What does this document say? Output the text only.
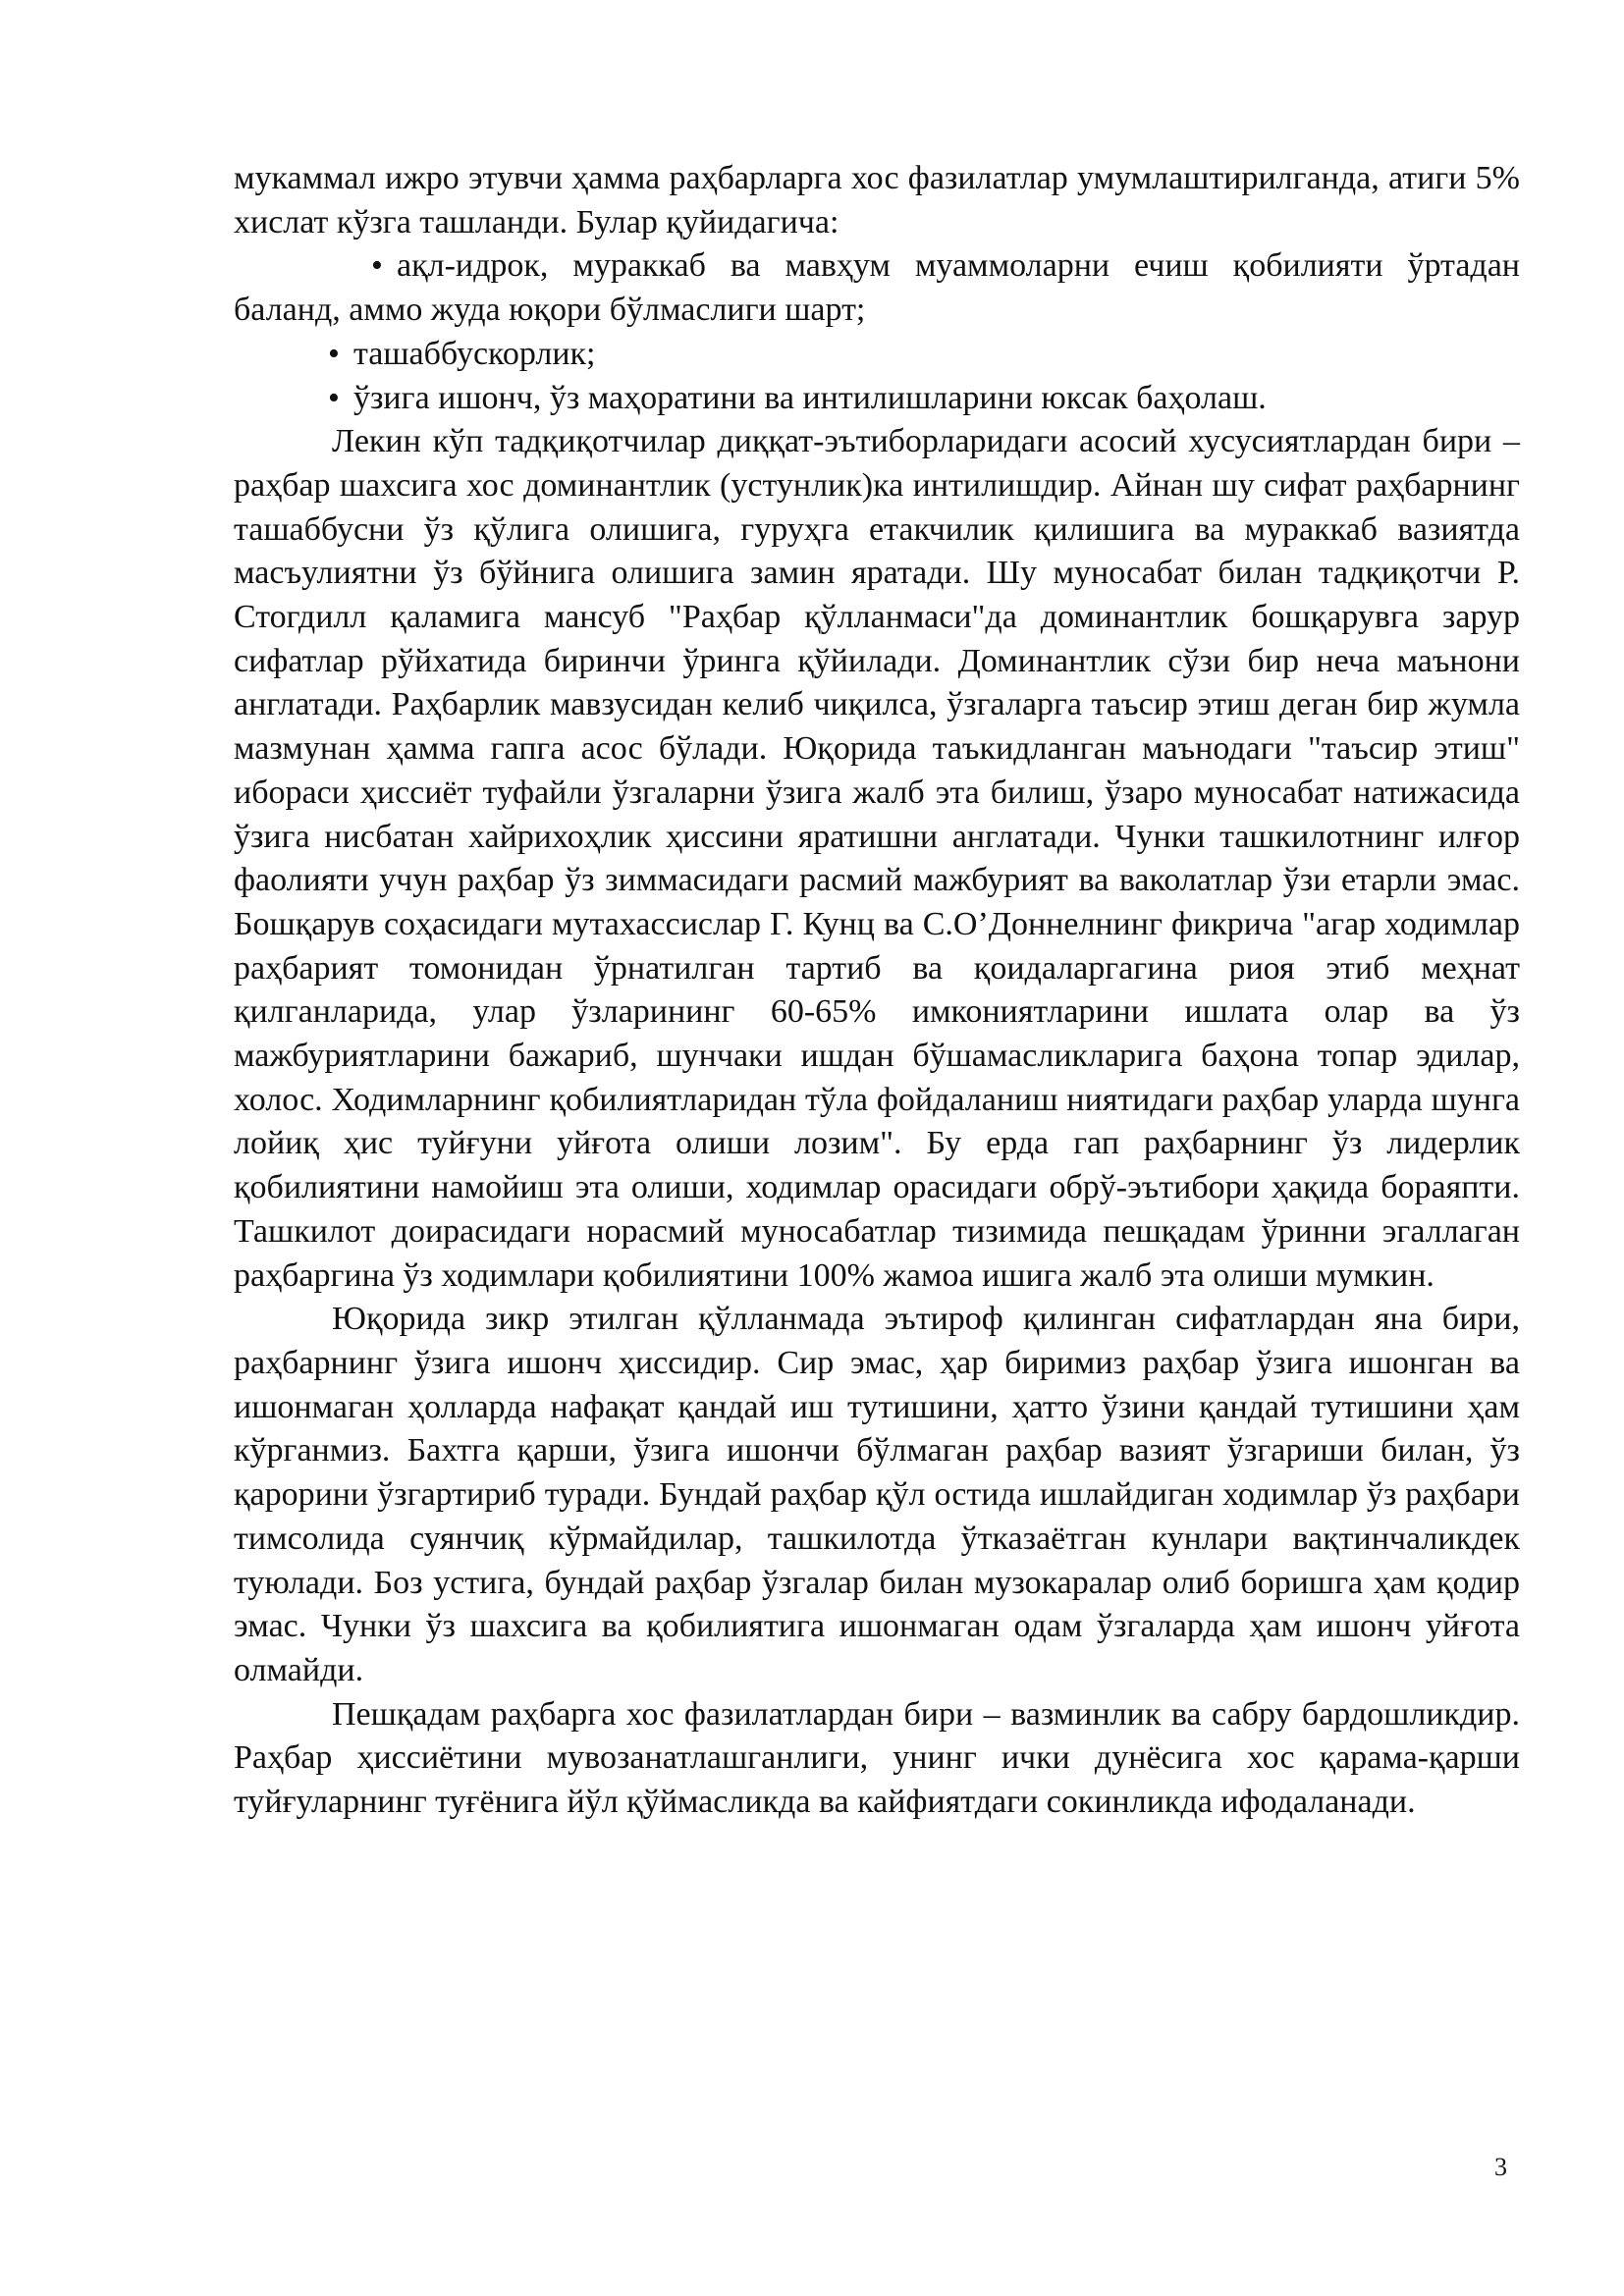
мукаммал ижро этувчи ҳамма раҳбарларга хос фазилатлар умумлаштирилганда, атиги 5% хислат кўзга ташланди. Булар қуйидагича:

• ақл-идрок, мураккаб ва мавҳум муаммоларни ечиш қобилияти ўртадан баланд, аммо жуда юқори бўлмаслиги шарт;

• ташаббускорлик;

• ўзига ишонч, ўз маҳоратини ва интилишларини юксак баҳолаш.

Лекин кўп тадқиқотчилар диққат-эътиборларидаги асосий хусусиятлардан бири – раҳбар шахсига хос доминантлик (устунлик)ка интилишдир. Айнан шу сифат раҳбарнинг ташаббусни ўз қўлига олишига, гуруҳга етакчилик қилишига ва мураккаб вазиятда масъулиятни ўз бўйнига олишига замин яратади. Шу муносабат билан тадқиқотчи Р. Стогдилл қаламига мансуб "Раҳбар қўлланмаси"да доминантлик бошқарувга зарур сифатлар рўйхатида биринчи ўринга қўйилади. Доминантлик сўзи бир неча маънони англатади. Раҳбарлик мавзусидан келиб чиқилса, ўзгаларга таъсир этиш деган бир жумла мазмунан ҳамма гапга асос бўлади. Юқорида таъкидланган маънодаги "таъсир этиш" ибораси ҳиссиёт туфайли ўзгаларни ўзига жалб эта билиш, ўзаро муносабат натижасида ўзига нисбатан хайрихоҳлик ҳиссини яратишни англатади. Чунки ташкилотнинг илғор фаолияти учун раҳбар ўз зиммасидаги расмий мажбурият ва ваколатлар ўзи етарли эмас. Бошқарув соҳасидаги мутахассислар Г. Кунц ва С.О’Доннелнинг фикрича "агар ходимлар раҳбарият томонидан ўрнатилган тартиб ва қоидаларгагина риоя этиб меҳнат қилганларида, улар ўзларининг 60-65% имкониятларини ишлата олар ва ўз мажбуриятларини бажариб, шунчаки ишдан бўшамасликларига баҳона топар эдилар, холос. Ходимларнинг қобилиятларидан тўла фойдаланиш ниятидаги раҳбар уларда шунга лойиқ ҳис туйғуни уйғота олиши лозим". Бу ерда гап раҳбарнинг ўз лидерлик қобилиятини намойиш эта олиши, ходимлар орасидаги обрў-эътибори ҳақида бораяпти. Ташкилот доирасидаги норасмий муносабатлар тизимида пешқадам ўринни эгаллаган раҳбаргина ўз ходимлари қобилиятини 100% жамоа ишига жалб эта олиши мумкин.

Юқорида зикр этилган қўлланмада эътироф қилинган сифатлардан яна бири, раҳбарнинг ўзига ишонч ҳиссидир. Сир эмас, ҳар биримиз раҳбар ўзига ишонган ва ишонмаган ҳолларда нафақат қандай иш тутишини, ҳатто ўзини қандай тутишини ҳам кўрганмиз. Бахтга қарши, ўзига ишончи бўлмаган раҳбар вазият ўзгариши билан, ўз қарорини ўзгартириб туради. Бундай раҳбар қўл остида ишлайдиган ходимлар ўз раҳбари тимсолида суянчиқ кўрмайдилар, ташкилотда ўтказаётган кунлари вақтинчаликдек туюлади. Боз устига, бундай раҳбар ўзгалар билан музокаралар олиб боришга ҳам қодир эмас. Чунки ўз шахсига ва қобилиятига ишонмаган одам ўзгаларда ҳам ишонч уйғота олмайди.

Пешқадам раҳбарга хос фазилатлардан бири – вазминлик ва сабру бардошликдир. Раҳбар ҳиссиётини мувозанатлашганлиги, унинг ички дунёсига хос қарама-қарши туйғуларнинг туғёнига йўл қўймасликда ва кайфиятдаги сокинликда ифодаланади.

3
